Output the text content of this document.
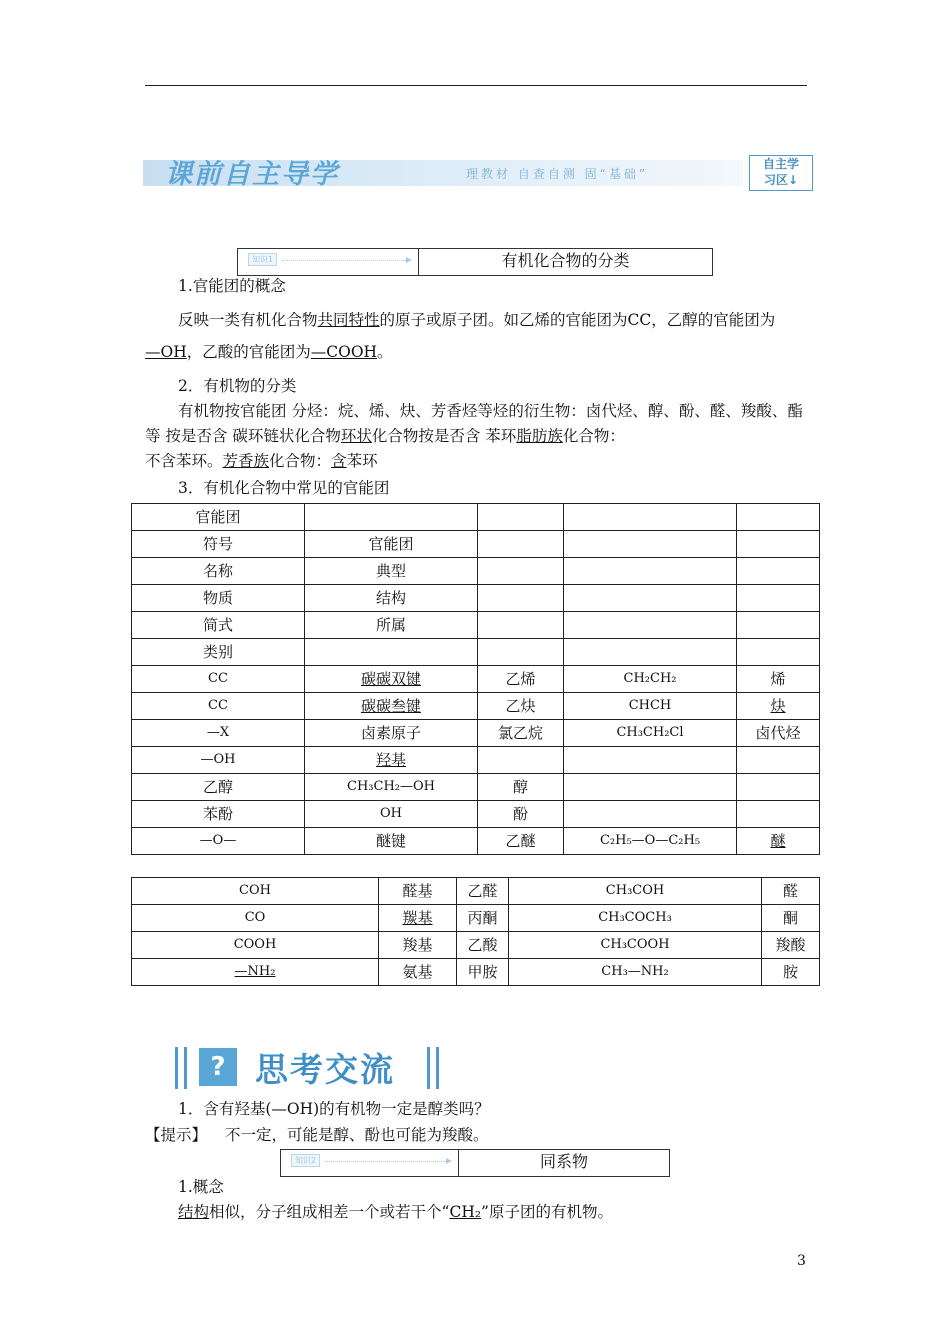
课前自主导学	理教材 自查自测 固“基础”
自主学
习区↓
知识1	有机化合物的分类
1.官能团的概念
反映一类有机化合物共同特性的原子或原子团。如乙烯的官能团为CC，乙醇的官能团为
—OH，乙酸的官能团为—COOH。
2．有机物的分类
有机物按官能团 分烃：烷、烯、炔、芳香烃等烃的衍生物：卤代烃、醇、酚、醛、羧酸、酯
等 按是否含 碳环链状化合物环状化合物按是否含 苯环脂肪族化合物：
不含苯环。芳香族化合物：含苯环
3．有机化合物中常见的官能团
官能团				
符号	官能团			
名称	典型			
物质	结构			
简式	所属			
类别				
CC	碳碳双键	乙烯	CH₂CH₂	烯
CC	碳碳叁键	乙炔	CHCH	炔
—X	卤素原子	氯乙烷	CH₃CH₂Cl	卤代烃
—OH	羟基			
乙醇	CH₃CH₂—OH	醇		
苯酚	OH	酚		
—O—	醚键	乙醚	C₂H₅—O—C₂H₅	醚
COH	醛基	乙醛	CH₃COH	醛
CO	羰基	丙酮	CH₃COCH₃	酮
COOH	羧基	乙酸	CH₃COOH	羧酸
—NH₂	氨基	甲胺	CH₃—NH₂	胺
? 思考交流
1．含有羟基(—OH)的有机物一定是醇类吗？
【提示】 不一定，可能是醇、酚也可能为羧酸。
知识2	同系物
1.概念
结构相似，分子组成相差一个或若干个“CH₂”原子团的有机物。
3
